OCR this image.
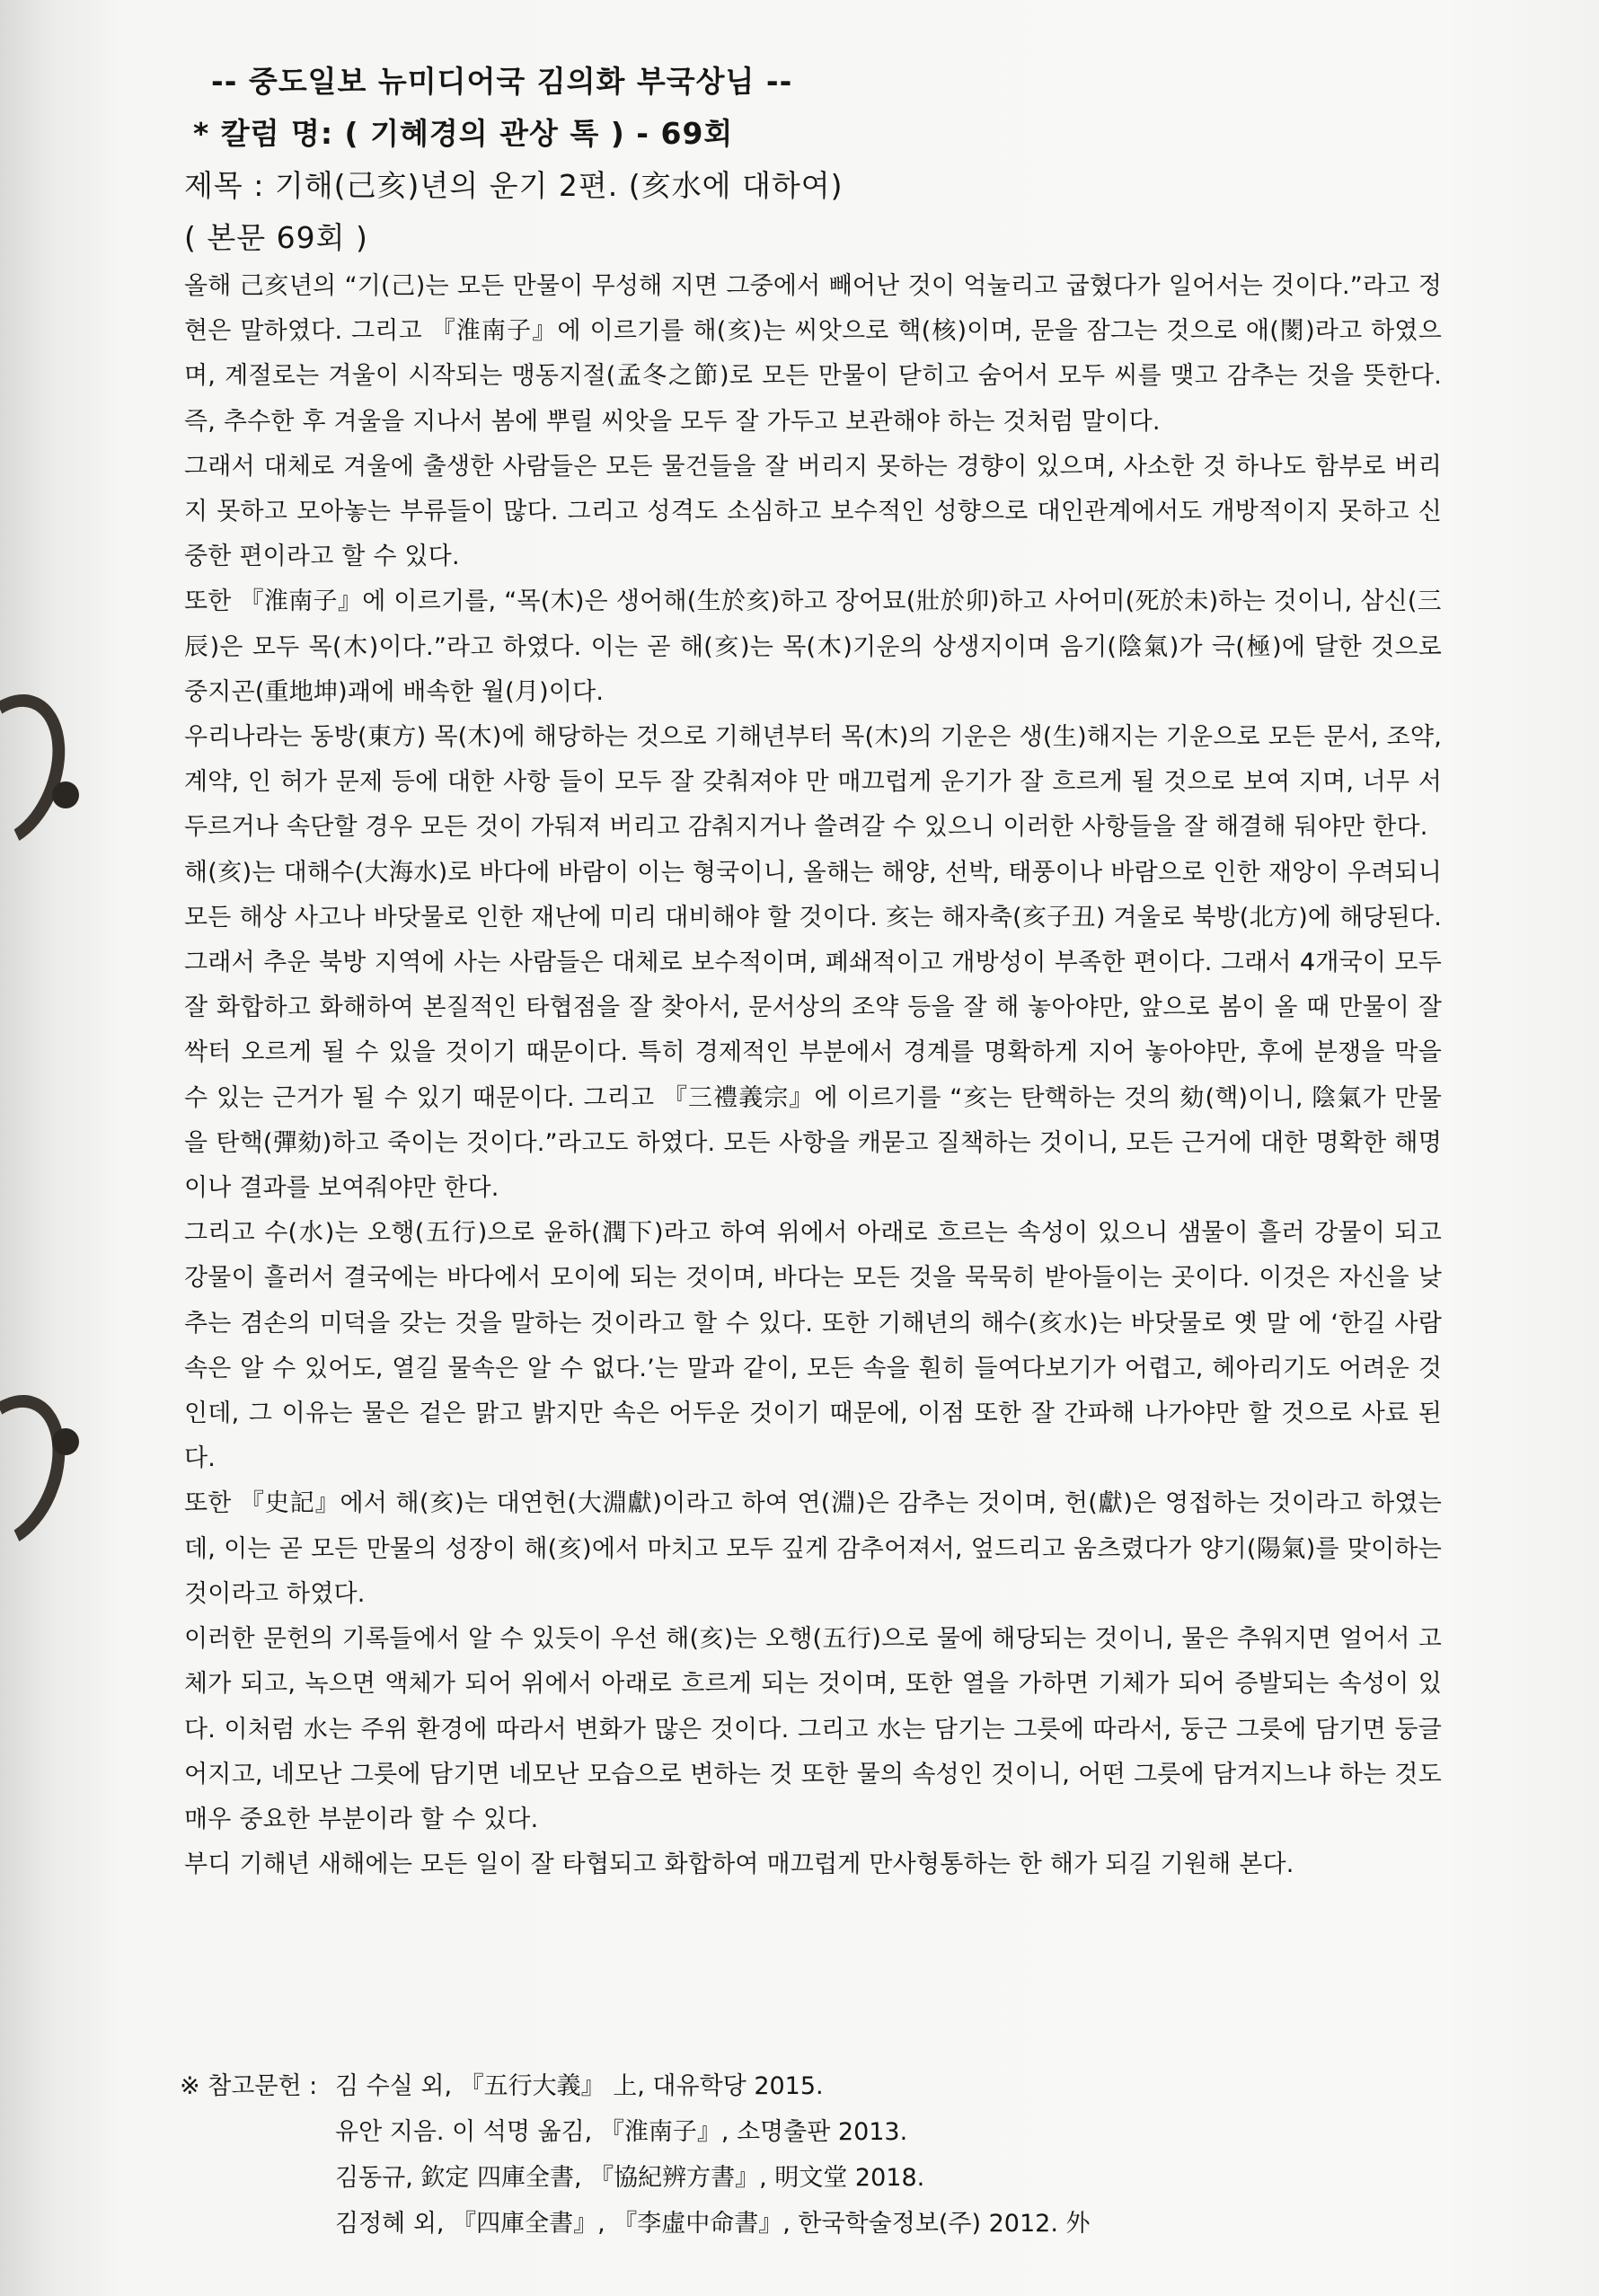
-- 중도일보 뉴미디어국 김의화 부국상님 --
* 칼럼 명: ( 기혜경의 관상 톡 ) - 69회
제목 : 기해(己亥)년의 운기 2편. (亥水에 대하여)
( 본문 69회 )

올해 己亥년의 “기(己)는 모든 만물이 무성해 지면 그중에서 빼어난 것이 억눌리고 굽혔다가 일어서는 것이다.”라고 정현은 말하였다. 그리고 『淮南子』에 이르기를 해(亥)는 씨앗으로 핵(核)이며, 문을 잠그는 것으로 애(閡)라고 하였으며, 계절로는 겨울이 시작되는 맹동지절(孟冬之節)로 모든 만물이 닫히고 숨어서 모두 씨를 맺고 감추는 것을 뜻한다. 즉, 추수한 후 겨울을 지나서 봄에 뿌릴 씨앗을 모두 잘 가두고 보관해야 하는 것처럼 말이다.

그래서 대체로 겨울에 출생한 사람들은 모든 물건들을 잘 버리지 못하는 경향이 있으며, 사소한 것 하나도 함부로 버리지 못하고 모아놓는 부류들이 많다. 그리고 성격도 소심하고 보수적인 성향으로 대인관계에서도 개방적이지 못하고 신중한 편이라고 할 수 있다.

또한 『淮南子』에 이르기를, “목(木)은 생어해(生於亥)하고 장어묘(壯於卯)하고 사어미(死於未)하는 것이니, 삼신(三辰)은 모두 목(木)이다.”라고 하였다. 이는 곧 해(亥)는 목(木)기운의 상생지이며 음기(陰氣)가 극(極)에 달한 것으로 중지곤(重地坤)괘에 배속한 월(月)이다.

우리나라는 동방(東方) 목(木)에 해당하는 것으로 기해년부터 목(木)의 기운은 생(生)해지는 기운으로 모든 문서, 조약, 계약, 인 허가 문제 등에 대한 사항 들이 모두 잘 갖춰져야 만 매끄럽게 운기가 잘 흐르게 될 것으로 보여 지며, 너무 서두르거나 속단할 경우 모든 것이 가둬져 버리고 감춰지거나 쓸려갈 수 있으니 이러한 사항들을 잘 해결해 둬야만 한다.

해(亥)는 대해수(大海水)로 바다에 바람이 이는 형국이니, 올해는 해양, 선박, 태풍이나 바람으로 인한 재앙이 우려되니 모든 해상 사고나 바닷물로 인한 재난에 미리 대비해야 할 것이다. 亥는 해자축(亥子丑) 겨울로 북방(北方)에 해당된다. 그래서 추운 북방 지역에 사는 사람들은 대체로 보수적이며, 폐쇄적이고 개방성이 부족한 편이다. 그래서 4개국이 모두 잘 화합하고 화해하여 본질적인 타협점을 잘 찾아서, 문서상의 조약 등을 잘 해 놓아야만, 앞으로 봄이 올 때 만물이 잘 싹터 오르게 될 수 있을 것이기 때문이다. 특히 경제적인 부분에서 경계를 명확하게 지어 놓아야만, 후에 분쟁을 막을 수 있는 근거가 될 수 있기 때문이다. 그리고 『三禮義宗』에 이르기를 “亥는 탄핵하는 것의 劾(핵)이니, 陰氣가 만물을 탄핵(彈劾)하고 죽이는 것이다.”라고도 하였다. 모든 사항을 캐묻고 질책하는 것이니, 모든 근거에 대한 명확한 해명이나 결과를 보여줘야만 한다.

그리고 수(水)는 오행(五行)으로 윤하(潤下)라고 하여 위에서 아래로 흐르는 속성이 있으니 샘물이 흘러 강물이 되고 강물이 흘러서 결국에는 바다에서 모이에 되는 것이며, 바다는 모든 것을 묵묵히 받아들이는 곳이다. 이것은 자신을 낮추는 겸손의 미덕을 갖는 것을 말하는 것이라고 할 수 있다. 또한 기해년의 해수(亥水)는 바닷물로 옛 말 에 ‘한길 사람 속은 알 수 있어도, 열길 물속은 알 수 없다.’는 말과 같이, 모든 속을 훤히 들여다보기가 어렵고, 헤아리기도 어려운 것인데, 그 이유는 물은 겉은 맑고 밝지만 속은 어두운 것이기 때문에, 이점 또한 잘 간파해 나가야만 할 것으로 사료 된다.

또한 『史記』에서 해(亥)는 대연헌(大淵獻)이라고 하여 연(淵)은 감추는 것이며, 헌(獻)은 영접하는 것이라고 하였는데, 이는 곧 모든 만물의 성장이 해(亥)에서 마치고 모두 깊게 감추어져서, 엎드리고 움츠렸다가 양기(陽氣)를 맞이하는 것이라고 하였다.

이러한 문헌의 기록들에서 알 수 있듯이 우선 해(亥)는 오행(五行)으로 물에 해당되는 것이니, 물은 추워지면 얼어서 고체가 되고, 녹으면 액체가 되어 위에서 아래로 흐르게 되는 것이며, 또한 열을 가하면 기체가 되어 증발되는 속성이 있다. 이처럼 水는 주위 환경에 따라서 변화가 많은 것이다. 그리고 水는 담기는 그릇에 따라서, 둥근 그릇에 담기면 둥글어지고, 네모난 그릇에 담기면 네모난 모습으로 변하는 것 또한 물의 속성인 것이니, 어떤 그릇에 담겨지느냐 하는 것도 매우 중요한 부분이라 할 수 있다.

부디 기해년 새해에는 모든 일이 잘 타협되고 화합하여 매끄럽게 만사형통하는 한 해가 되길 기원해 본다.

※ 참고문헌 : 김 수실 외, 『五行大義』 上, 대유학당 2015.
유안 지음. 이 석명 옮김, 『淮南子』, 소명출판 2013.
김동규, 欽定 四庫全書, 『協紀辨方書』, 明文堂 2018.
김정혜 외, 『四庫全書』, 『李虛中命書』, 한국학술정보(주) 2012. 外
